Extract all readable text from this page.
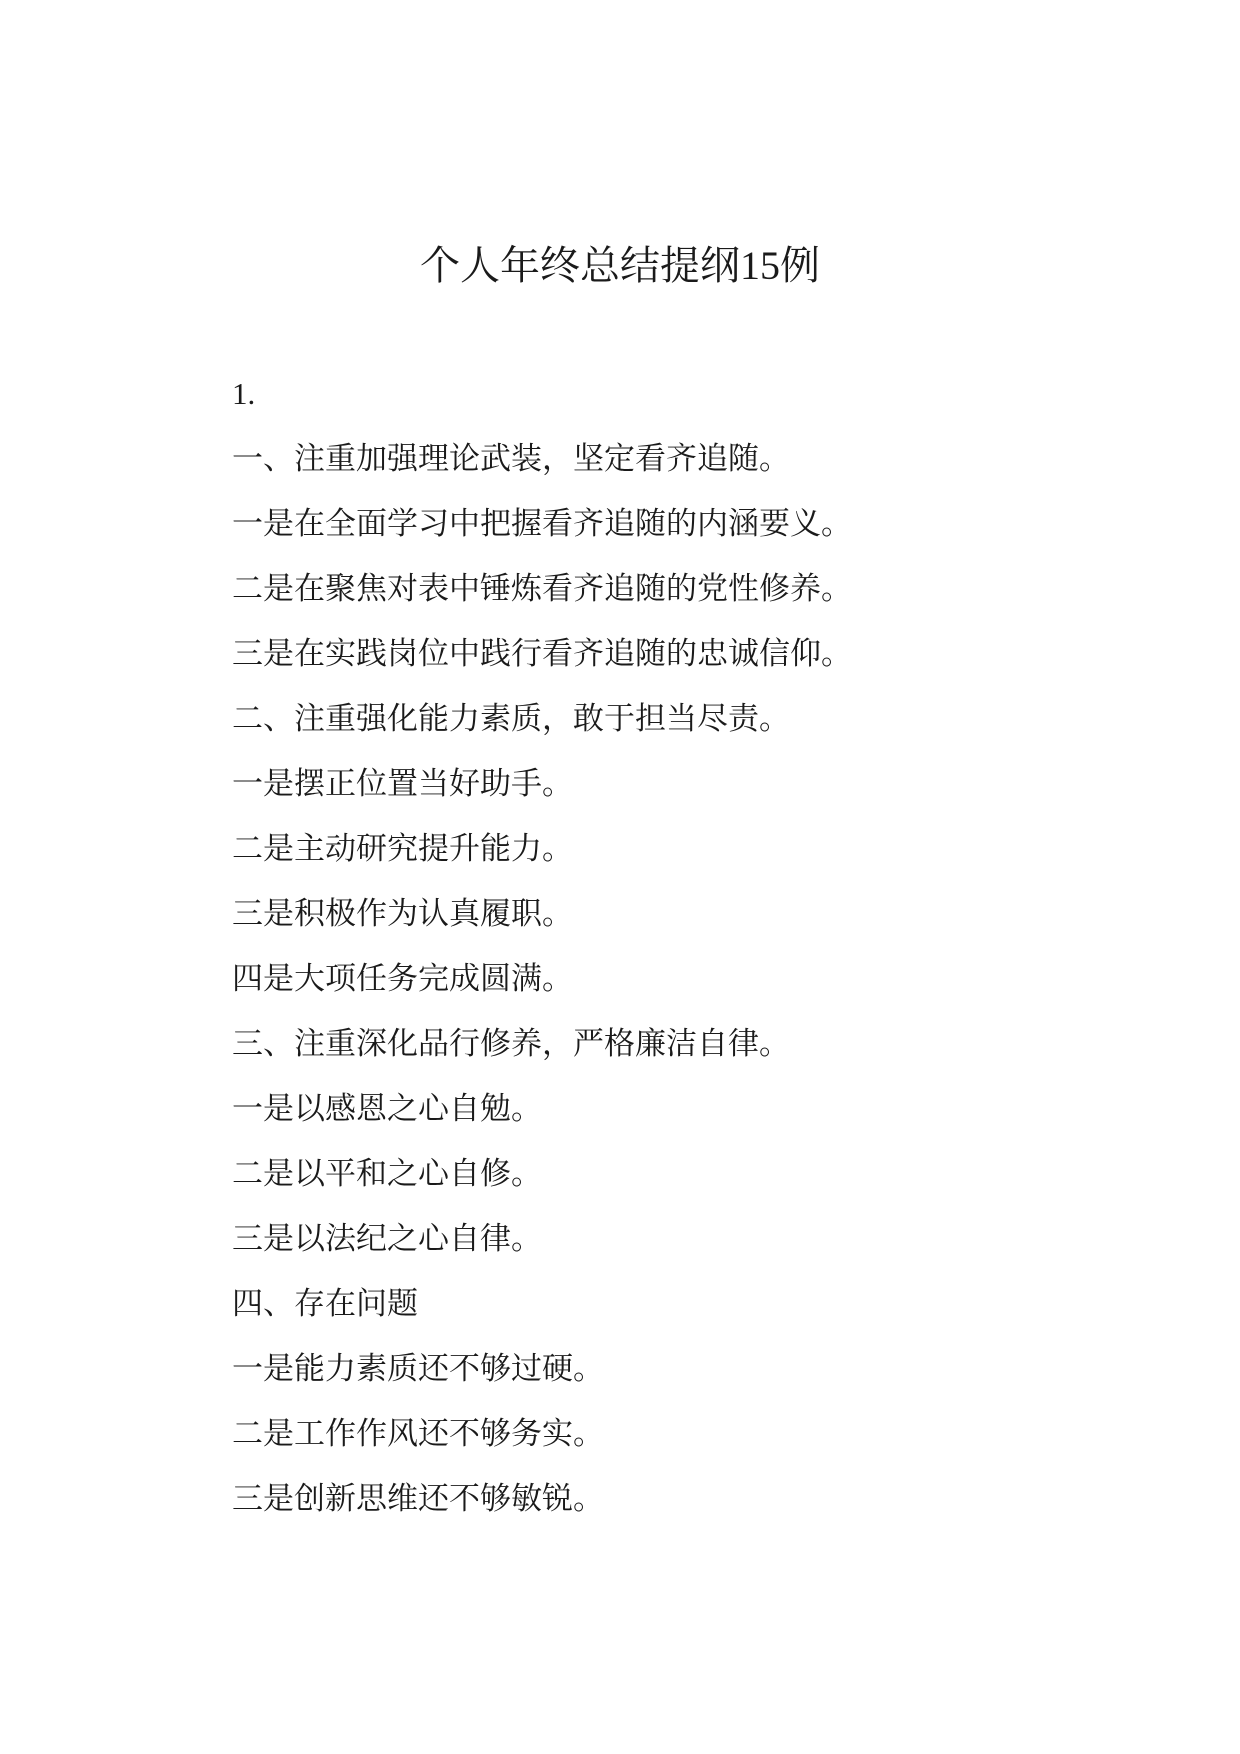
个人年终总结提纲15例

1.

一、注重加强理论武装，坚定看齐追随。

一是在全面学习中把握看齐追随的内涵要义。

二是在聚焦对表中锤炼看齐追随的党性修养。

三是在实践岗位中践行看齐追随的忠诚信仰。

二、注重强化能力素质，敢于担当尽责。

一是摆正位置当好助手。

二是主动研究提升能力。

三是积极作为认真履职。

四是大项任务完成圆满。

三、注重深化品行修养，严格廉洁自律。

一是以感恩之心自勉。

二是以平和之心自修。

三是以法纪之心自律。

四、存在问题

一是能力素质还不够过硬。

二是工作作风还不够务实。

三是创新思维还不够敏锐。
